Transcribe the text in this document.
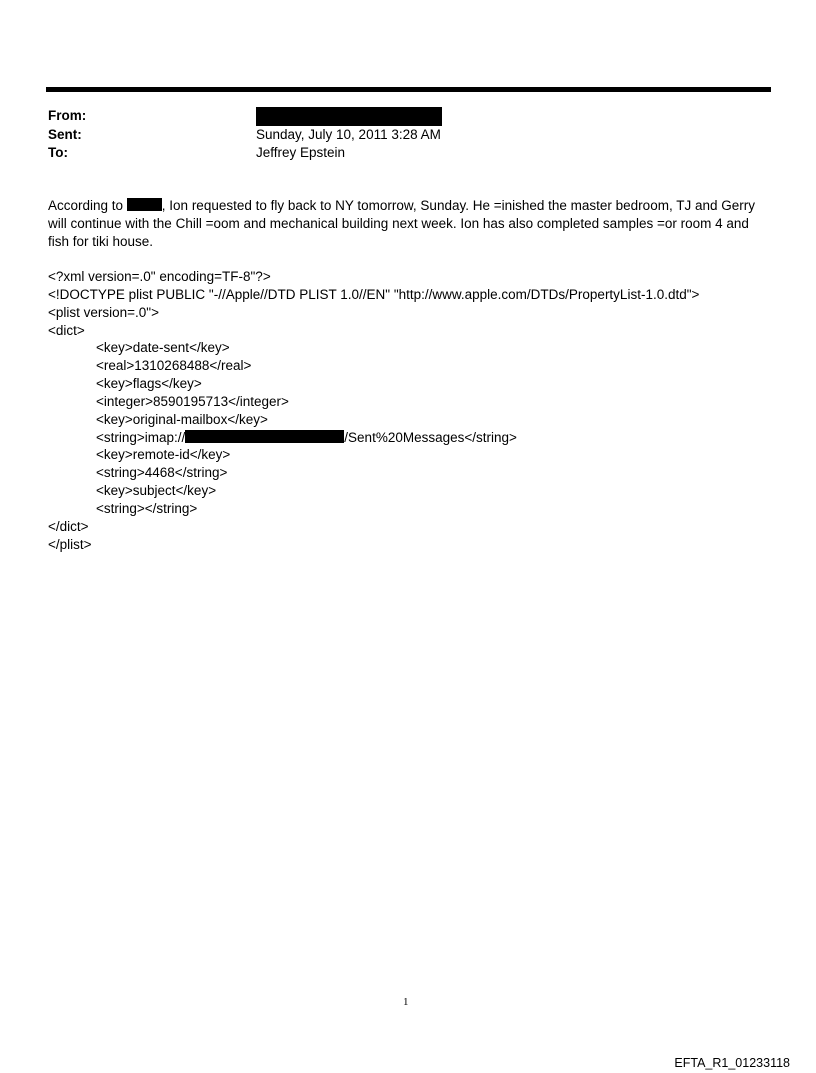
From:
Sent:	Sunday, July 10, 2011 3:28 AM
To:	Jeffrey Epstein

According to	, Ion requested to fly back to NY tomorrow, Sunday. He =inished the master bedroom, TJ and Gerry will continue with the Chill =oom and mechanical building next week. Ion has also completed samples =or room 4 and fish for tiki house.

<?xml version=.0" encoding=TF-8"?>
<!DOCTYPE plist PUBLIC "-//Apple//DTD PLIST 1.0//EN" "http://www.apple.com/DTDs/PropertyList-1.0.dtd">
<plist version=.0">
<dict>
<key>date-sent</key>
<real>1310268488</real>
<key>flags</key>
<integer>8590195713</integer>
<key>original-mailbox</key>
<string>imap://	/Sent%20Messages</string>
<key>remote-id</key>
<string>4468</string>
<key>subject</key>
<string></string>
</dict>
</plist>
1
EFTA_R1_01233118
